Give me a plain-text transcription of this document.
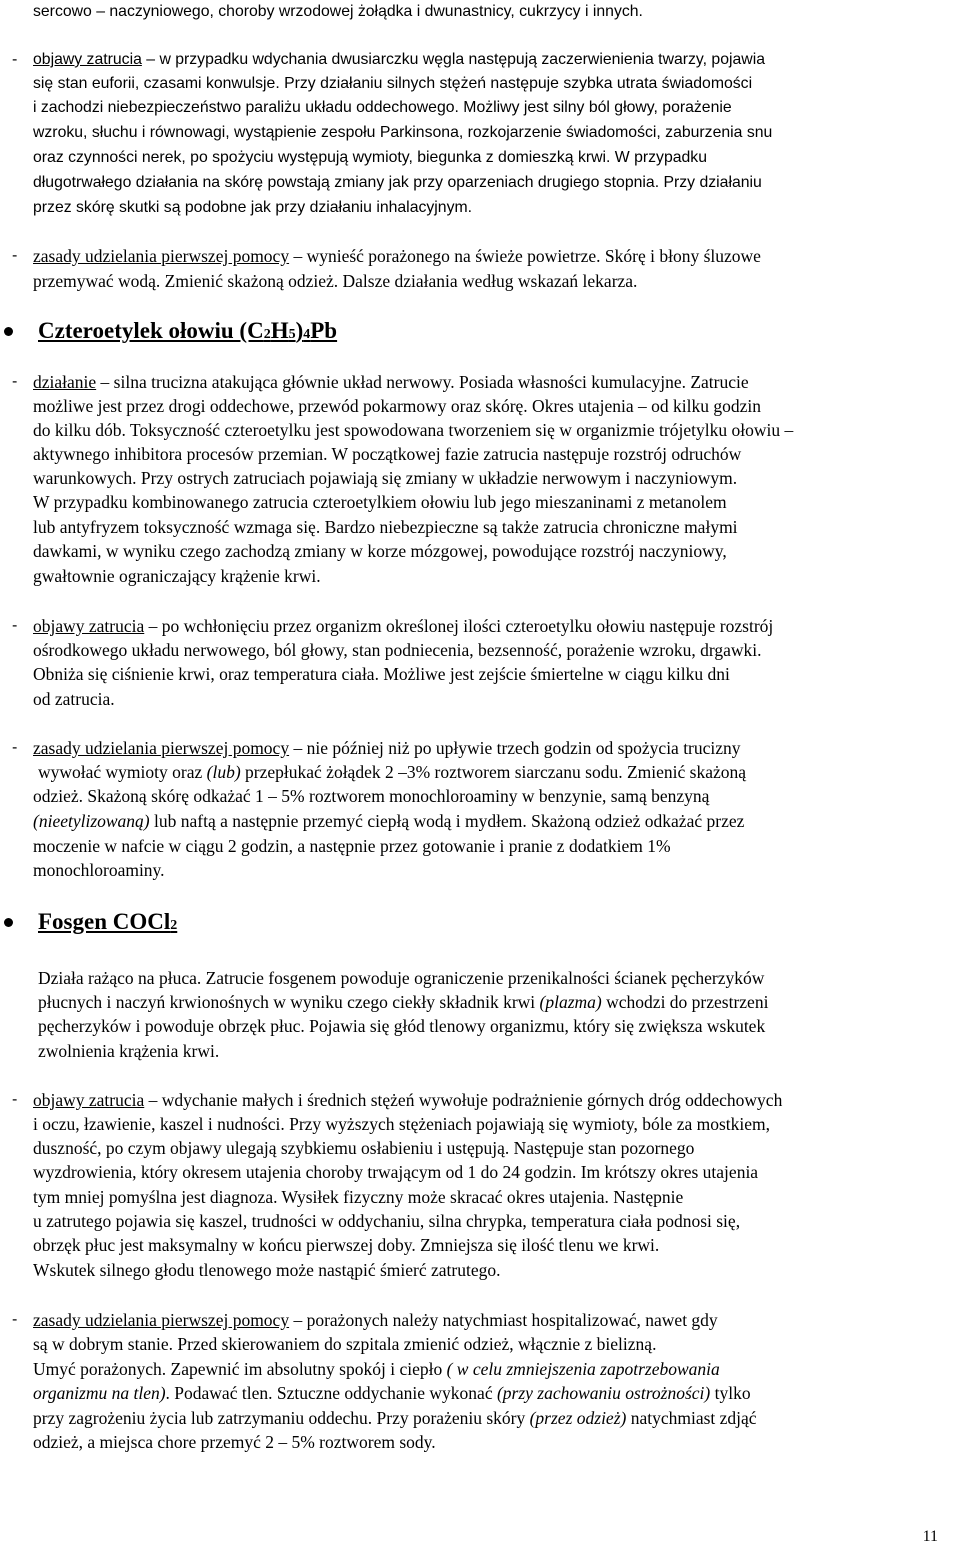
sercowo – naczyniowego, choroby wrzodowej żołądka i dwunastnicy, cukrzycy i innych.
- objawy zatrucia – w przypadku wdychania dwusiarczku węgla następują zaczerwienienia twarzy, pojawia
się stan euforii, czasami konwulsje. Przy działaniu silnych stężeń następuje szybka utrata świadomości
i zachodzi niebezpieczeństwo paraliżu układu oddechowego. Możliwy jest silny ból głowy, porażenie
wzroku, słuchu i równowagi, wystąpienie zespołu Parkinsona, rozkojarzenie świadomości, zaburzenia snu
oraz czynności nerek, po spożyciu występują wymioty, biegunka z domieszką krwi. W przypadku
długotrwałego działania na skórę powstają zmiany jak przy oparzeniach drugiego stopnia. Przy działaniu
przez skórę skutki są podobne jak przy działaniu inhalacyjnym.
- zasady udzielania pierwszej pomocy – wynieść porażonego na świeże powietrze. Skórę i błony śluzowe
przemywać wodą. Zmienić skażoną odzież. Dalsze działania według wskazań lekarza.
Czteroetylek ołowiu (C2H5)4Pb
- działanie – silna trucizna atakująca głównie układ nerwowy. Posiada własności kumulacyjne. Zatrucie
możliwe jest przez drogi oddechowe, przewód pokarmowy oraz skórę. Okres utajenia – od kilku godzin
do kilku dób. Toksyczność czteroetylku jest spowodowana tworzeniem się w organizmie trójetylku ołowiu –
aktywnego inhibitora procesów przemian. W początkowej fazie zatrucia następuje rozstrój odruchów
warunkowych. Przy ostrych zatruciach pojawiają się zmiany w układzie nerwowym i naczyniowym.
W przypadku kombinowanego zatrucia czteroetylkiem ołowiu lub jego mieszaninami z metanolem
lub antyfryzem toksyczność wzmaga się. Bardzo niebezpieczne są także zatrucia chroniczne małymi
dawkami, w wyniku czego zachodzą zmiany w korze mózgowej, powodujące rozstrój naczyniowy,
gwałtownie ograniczający krążenie krwi.
- objawy zatrucia – po wchłonięciu przez organizm określonej ilości czteroetylku ołowiu następuje rozstrój
ośrodkowego układu nerwowego, ból głowy, stan podniecenia, bezsenność, porażenie wzroku, drgawki.
Obniża się ciśnienie krwi, oraz temperatura ciała. Możliwe jest zejście śmiertelne w ciągu kilku dni
od zatrucia.
- zasady udzielania pierwszej pomocy – nie później niż po upływie trzech godzin od spożycia trucizny
wywołać wymioty oraz (lub) przepłukać żołądek 2 –3% roztworem siarczanu sodu. Zmienić skażoną
odzież. Skażoną skórę odkażać 1 – 5% roztworem monochloroaminy w benzynie, samą benzyną
(nieetylizowaną) lub naftą a następnie przemyć ciepłą wodą i mydłem. Skażoną odzież odkażać przez
moczenie w nafcie w ciągu 2 godzin, a następnie przez gotowanie i pranie z dodatkiem 1%
monochloroaminy.
Fosgen COCl2
Działa rażąco na płuca. Zatrucie fosgenem powoduje ograniczenie przenikalności ścianek pęcherzyków
płucnych i naczyń krwionośnych w wyniku czego ciekły składnik krwi (plazma) wchodzi do przestrzeni
pęcherzyków i powoduje obrzęk płuc. Pojawia się głód tlenowy organizmu, który się zwiększa wskutek
zwolnienia krążenia krwi.
- objawy zatrucia – wdychanie małych i średnich stężeń wywołuje podrażnienie górnych dróg oddechowych
i oczu, łzawienie, kaszel i nudności. Przy wyższych stężeniach pojawiają się wymioty, bóle za mostkiem,
duszność, po czym objawy ulegają szybkiemu osłabieniu i ustępują. Następuje stan pozornego
wyzdrowienia, który okresem utajenia choroby trwającym od 1 do 24 godzin. Im krótszy okres utajenia
tym mniej pomyślna jest diagnoza. Wysiłek fizyczny może skracać okres utajenia. Następnie
u zatrutego pojawia się kaszel, trudności w oddychaniu, silna chrypka, temperatura ciała podnosi się,
obrzęk płuc jest maksymalny w końcu pierwszej doby. Zmniejsza się ilość tlenu we krwi.
Wskutek silnego głodu tlenowego może nastąpić śmierć zatrutego.
- zasady udzielania pierwszej pomocy – porażonych należy natychmiast hospitalizować, nawet gdy
są w dobrym stanie. Przed skierowaniem do szpitala zmienić odzież, włącznie z bielizną.
Umyć porażonych. Zapewnić im absolutny spokój i ciepło ( w celu zmniejszenia zapotrzebowania
organizmu na tlen). Podawać tlen. Sztuczne oddychanie wykonać (przy zachowaniu ostrożności) tylko
przy zagrożeniu życia lub zatrzymaniu oddechu. Przy porażeniu skóry (przez odzież) natychmiast zdjąć
odzież, a miejsca chore przemyć 2 – 5% roztworem sody.
11
